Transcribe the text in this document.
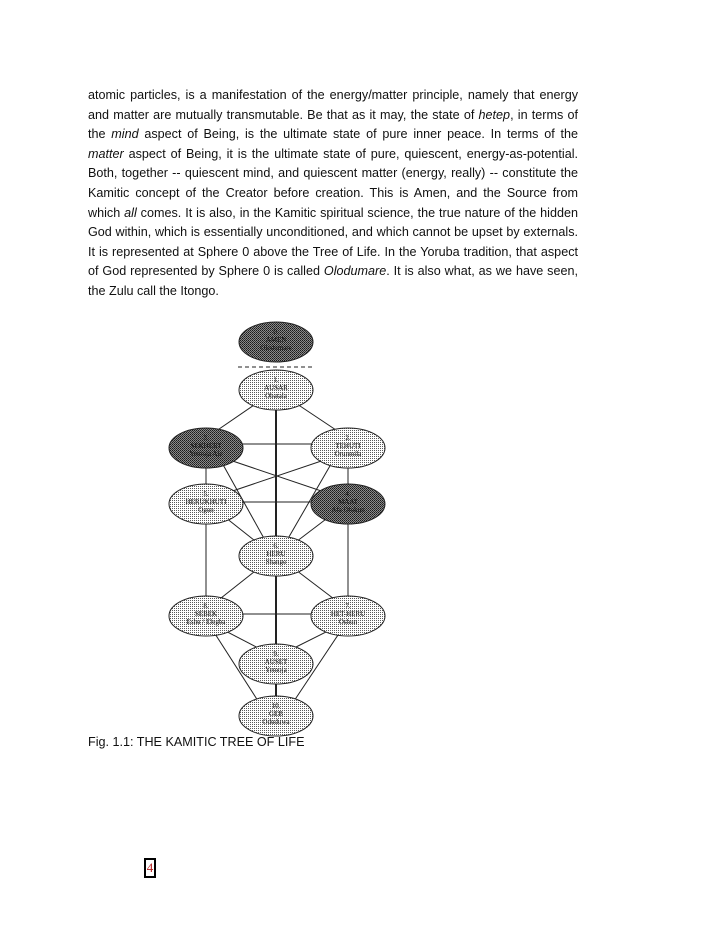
atomic particles, is a manifestation of the energy/matter principle, namely that energy and matter are mutually transmutable. Be that as it may, the state of hetep, in terms of the mind aspect of Being, is the ultimate state of pure inner peace. In terms of the matter aspect of Being, it is the ultimate state of pure, quiescent, energy-as-potential. Both, together -- quiescent mind, and quiescent matter (energy, really) -- constitute the Kamitic concept of the Creator before creation. This is Amen, and the Source from which all comes. It is also, in the Kamitic spiritual science, the true nature of the hidden God within, which is essentially unconditioned, and which cannot be upset by externals. It is represented at Sphere 0 above the Tree of Life. In the Yoruba tradition, that aspect of God represented by Sphere 0 is called Olodumare. It is also what, as we have seen, the Zulu call the Itongo.

0.
AMEN
Olodumare
1.
AUSAR
Obatala
2.
TEHUTI
Orunmila
3.
SEKHERT
Yemoja Aje
4.
MAAT
Afa Olokun
5.
HERUKHUTI
Ogun
6.
HERU
Shango
7.
HET-HERU
Oshun
8.
SEBEK
Eshu / Elegba
9.
AUSET
Yemoja
10.
GEB
Oduduwa
Fig. 1.1: THE KAMITIC TREE OF LIFE
4
